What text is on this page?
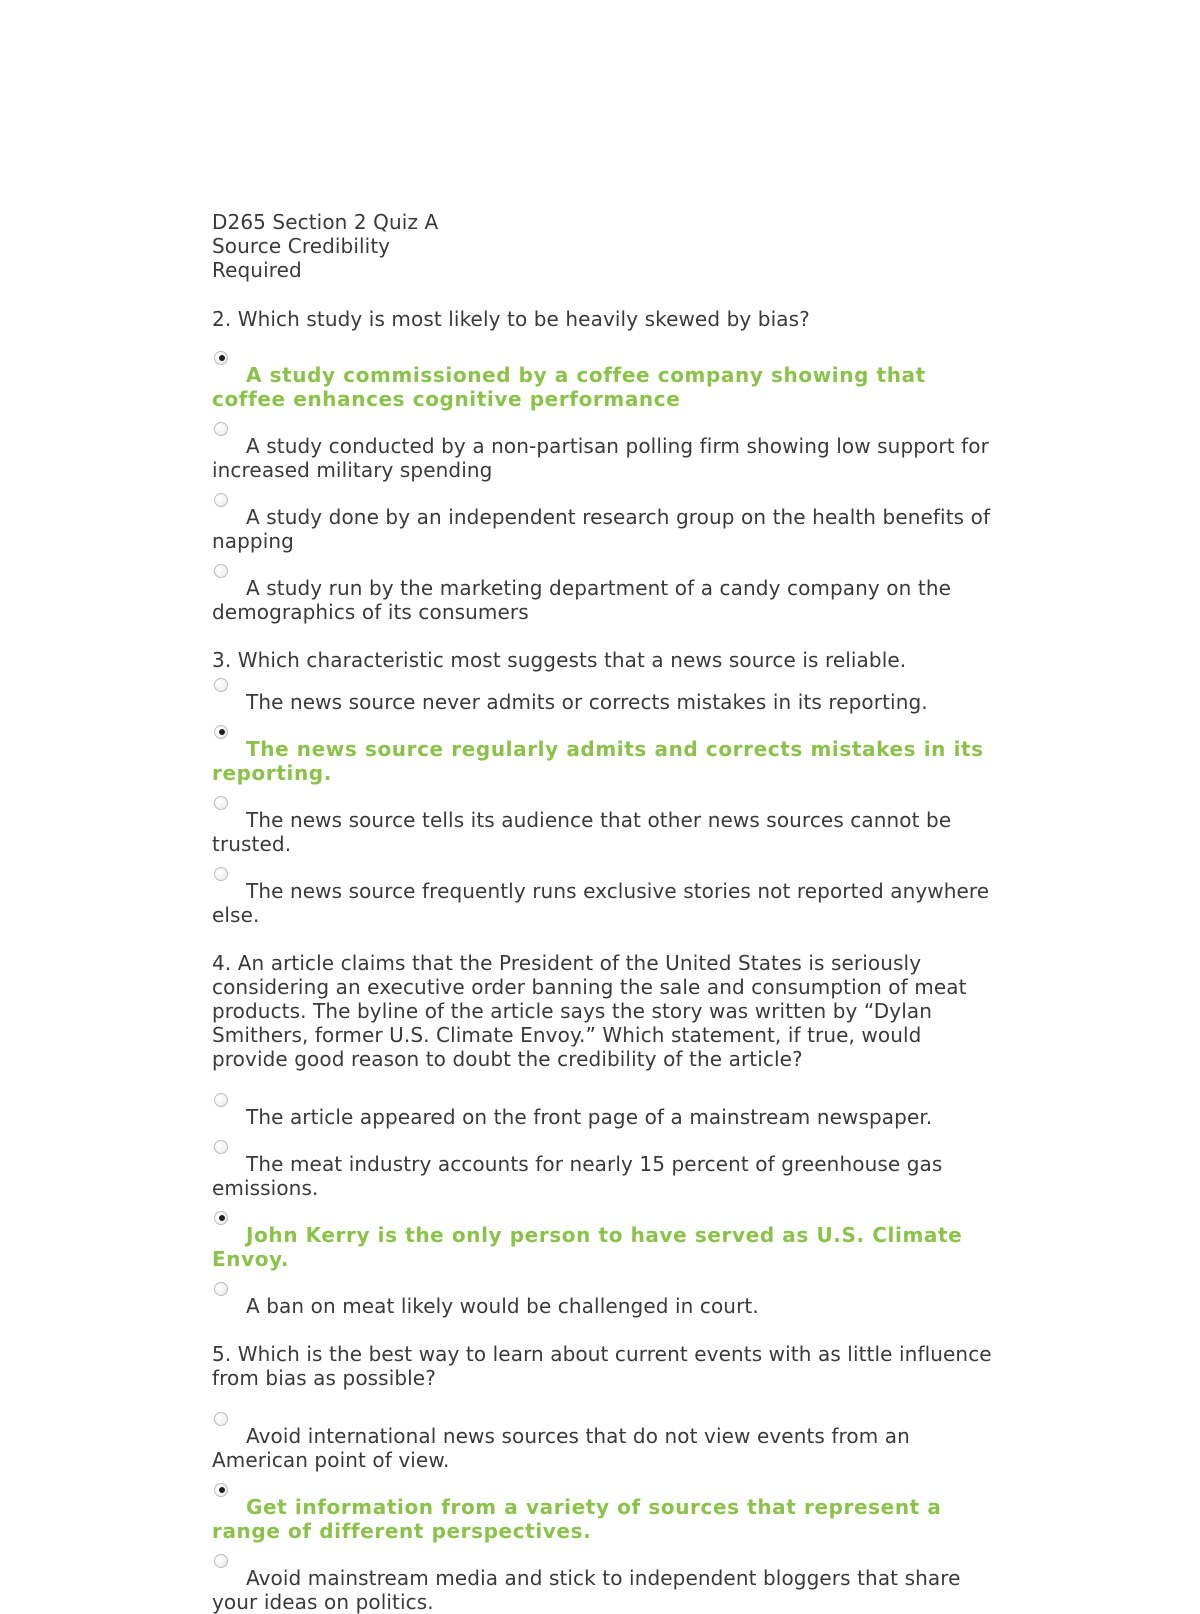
D265 Section 2 Quiz A
Source Credibility
Required
2. Which study is most likely to be heavily skewed by bias?
A study commissioned by a coffee company showing that coffee enhances cognitive performance
A study conducted by a non-partisan polling firm showing low support for increased military spending
A study done by an independent research group on the health benefits of napping
A study run by the marketing department of a candy company on the demographics of its consumers
3. Which characteristic most suggests that a news source is reliable.
The news source never admits or corrects mistakes in its reporting.
The news source regularly admits and corrects mistakes in its reporting.
The news source tells its audience that other news sources cannot be trusted.
The news source frequently runs exclusive stories not reported anywhere else.
4. An article claims that the President of the United States is seriously considering an executive order banning the sale and consumption of meat products. The byline of the article says the story was written by “Dylan Smithers, former U.S. Climate Envoy.” Which statement, if true, would provide good reason to doubt the credibility of the article?
The article appeared on the front page of a mainstream newspaper.
The meat industry accounts for nearly 15 percent of greenhouse gas emissions.
John Kerry is the only person to have served as U.S. Climate Envoy.
A ban on meat likely would be challenged in court.
5. Which is the best way to learn about current events with as little influence from bias as possible?
Avoid international news sources that do not view events from an American point of view.
Get information from a variety of sources that represent a range of different perspectives.
Avoid mainstream media and stick to independent bloggers that share your ideas on politics.
